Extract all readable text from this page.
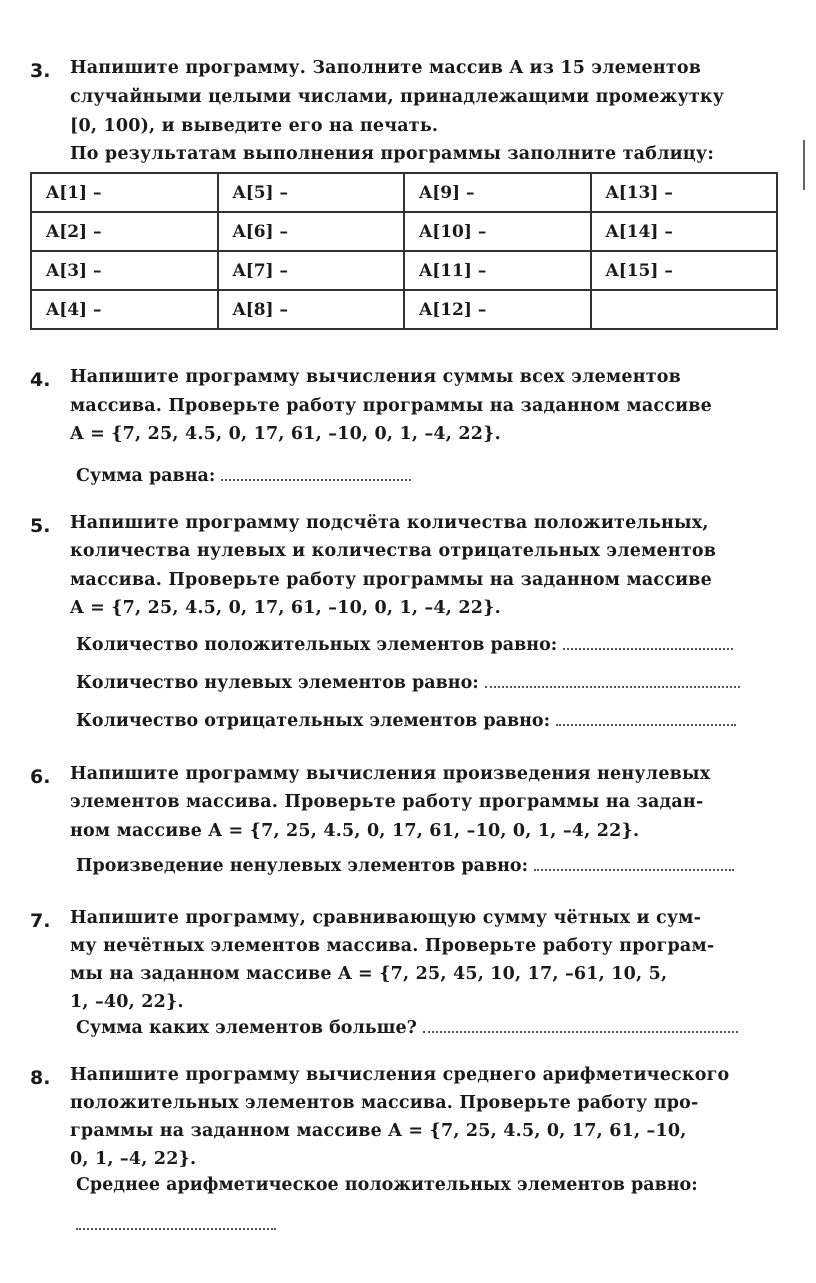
3. Напишите программу. Заполните массив A из 15 элементов
случайными целыми числами, принадлежащими промежутку
[0, 100), и выведите его на печать.
По результатам выполнения программы заполните таблицу:
A[1] –	A[5] –	A[9] –	A[13] –
A[2] –	A[6] –	A[10] –	A[14] –
A[3] –	A[7] –	A[11] –	A[15] –
A[4] –	A[8] –	A[12] –	
4. Напишите программу вычисления суммы всех элементов
массива. Проверьте работу программы на заданном массиве
A = {7, 25, 4.5, 0, 17, 61, –10, 0, 1, –4, 22}.
Сумма равна:
5. Напишите программу подсчёта количества положительных,
количества нулевых и количества отрицательных элементов
массива. Проверьте работу программы на заданном массиве
A = {7, 25, 4.5, 0, 17, 61, –10, 0, 1, –4, 22}.
Количество положительных элементов равно:
Количество нулевых элементов равно:
Количество отрицательных элементов равно:
6. Напишите программу вычисления произведения ненулевых
элементов массива. Проверьте работу программы на задан-
ном массиве A = {7, 25, 4.5, 0, 17, 61, –10, 0, 1, –4, 22}.
Произведение ненулевых элементов равно:
7. Напишите программу, сравнивающую сумму чётных и сум-
му нечётных элементов массива. Проверьте работу програм-
мы на заданном массиве A = {7, 25, 45, 10, 17, –61, 10, 5,
1, –40, 22}.
Сумма каких элементов больше?
8. Напишите программу вычисления среднего арифметического
положительных элементов массива. Проверьте работу про-
граммы на заданном массиве A = {7, 25, 4.5, 0, 17, 61, –10,
0, 1, –4, 22}.
Среднее арифметическое положительных элементов равно:
